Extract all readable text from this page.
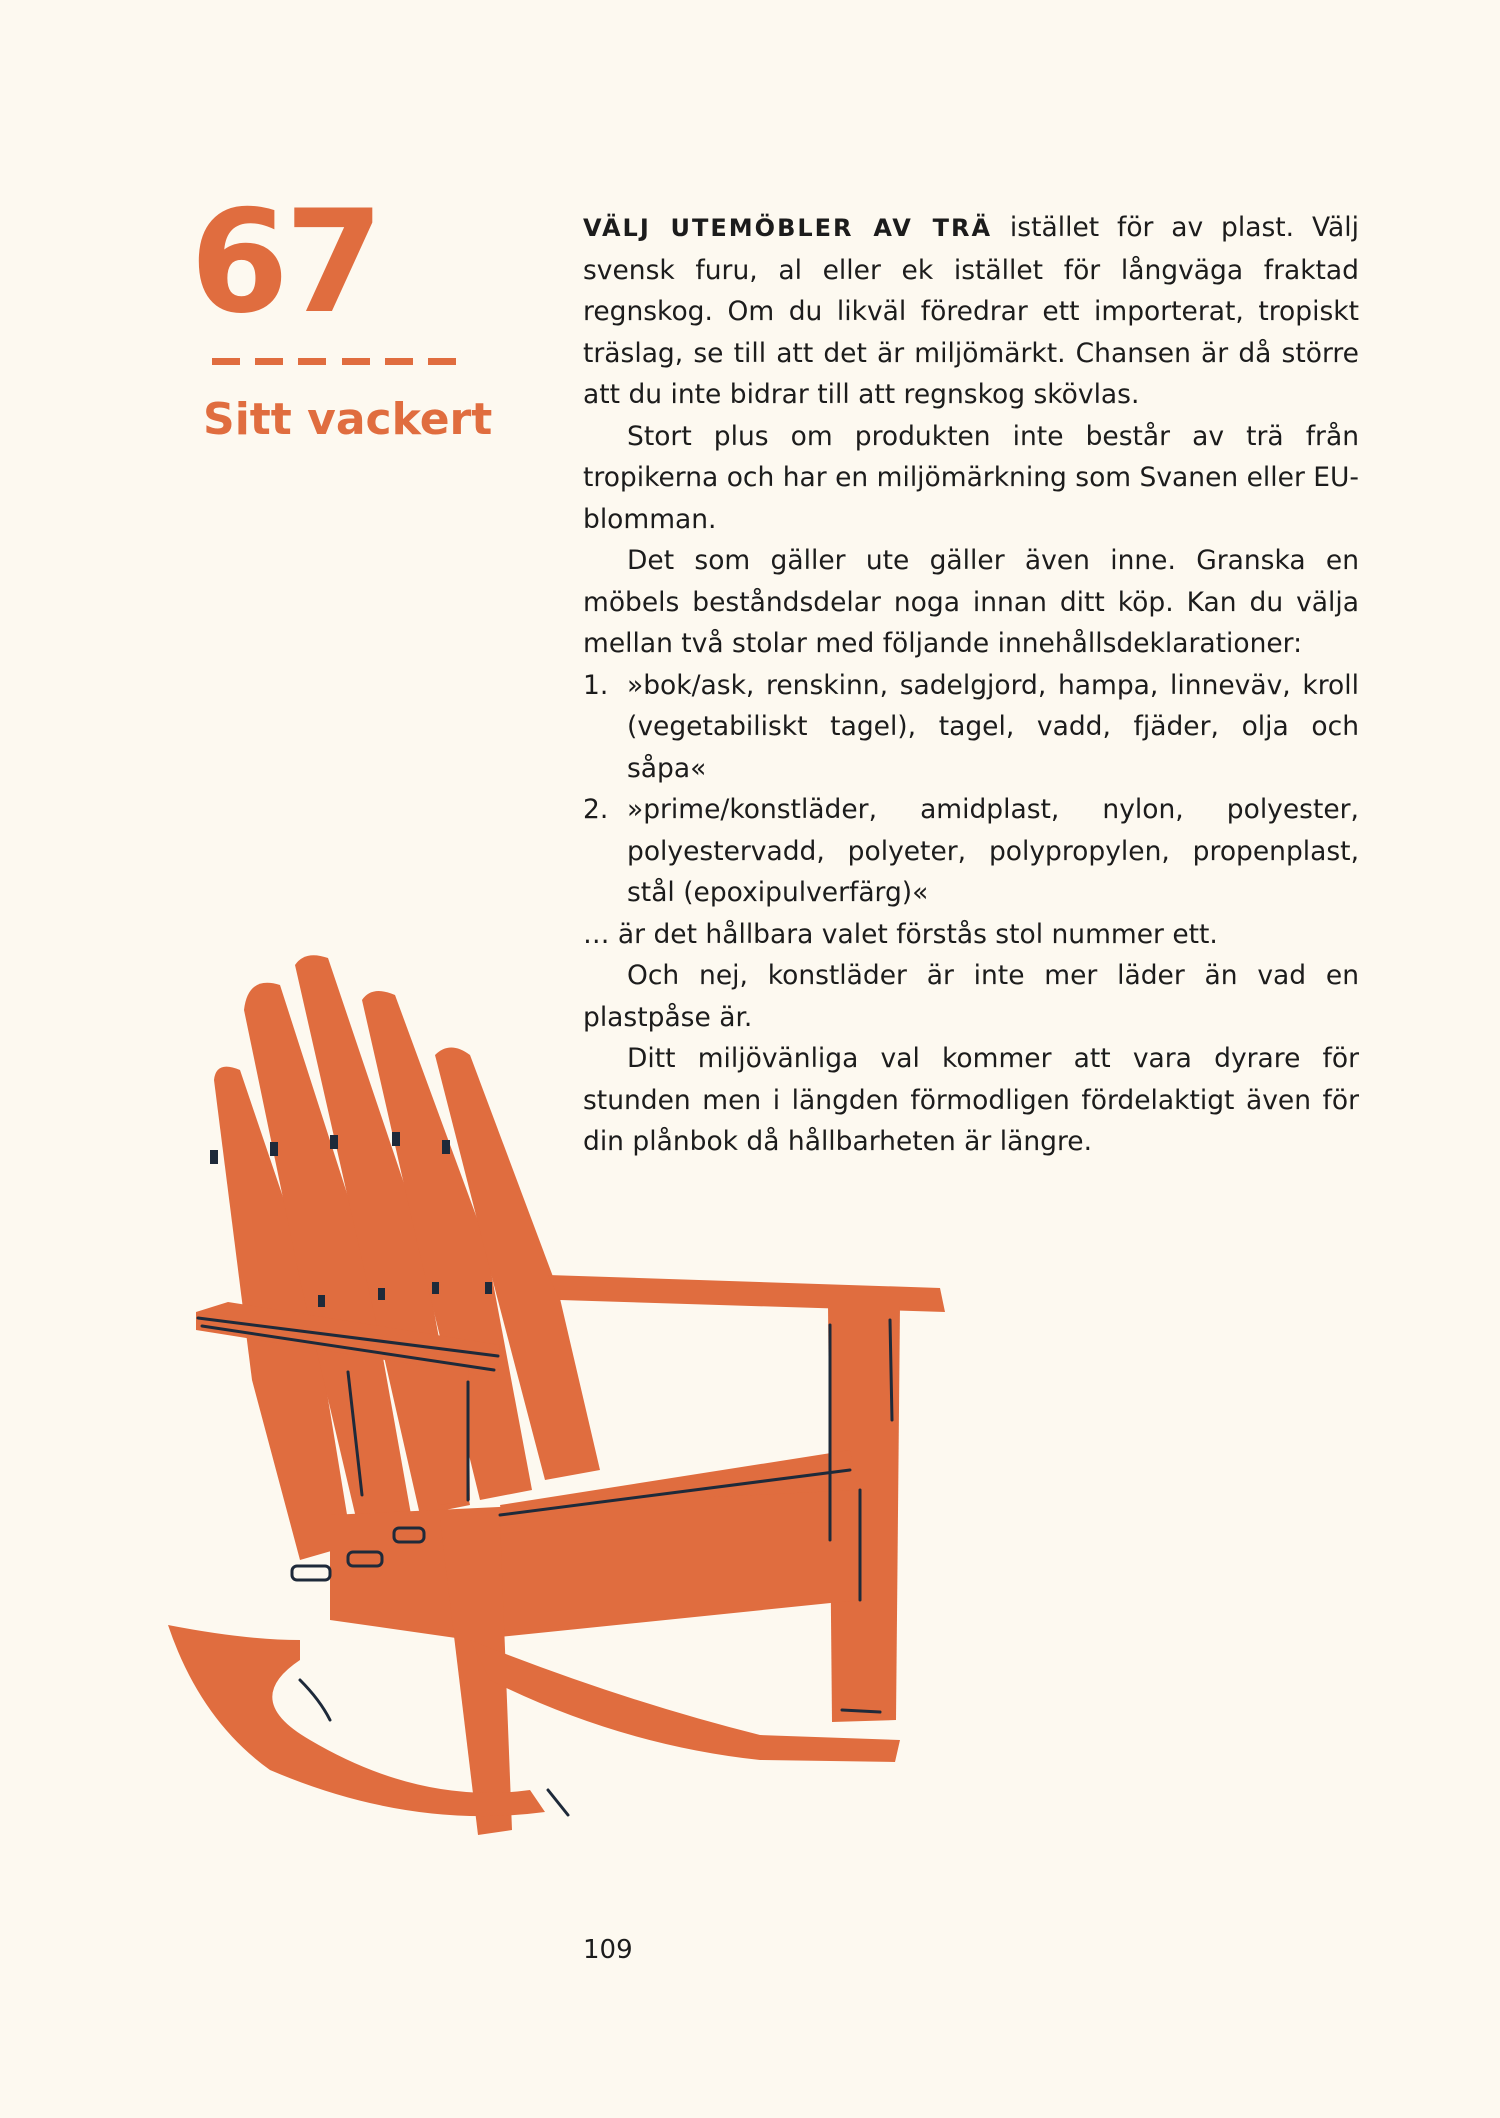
67
Sitt vackert

VÄLJ UTEMÖBLER AV TRÄ istället för av plast. Välj svensk furu, al eller ek istället för långväga fraktad regnskog. Om du likväl föredrar ett importerat, tropiskt träslag, se till att det är miljömärkt. Chansen är då större att du inte bidrar till att regnskog skövlas.

Stort plus om produkten inte består av trä från tropikerna och har en miljömärkning som Svanen eller EU-blomman.

Det som gäller ute gäller även inne. Granska en möbels beståndsdelar noga innan ditt köp. Kan du välja mellan två stolar med följande innehållsdeklarationer:

1. »bok/ask, renskinn, sadelgjord, hampa, linneväv, kroll (vegetabiliskt tagel), tagel, vadd, fjäder, olja och såpa«
2. »prime/konstläder, amidplast, nylon, polyester, polyestervadd, polyeter, polypropylen, propenplast, stål (epoxipulverfärg)«

… är det hållbara valet förstås stol nummer ett.

Och nej, konstläder är inte mer läder än vad en plastpåse är.

Ditt miljövänliga val kommer att vara dyrare för stunden men i längden förmodligen fördelaktigt även för din plånbok då hållbarheten är längre.

109
